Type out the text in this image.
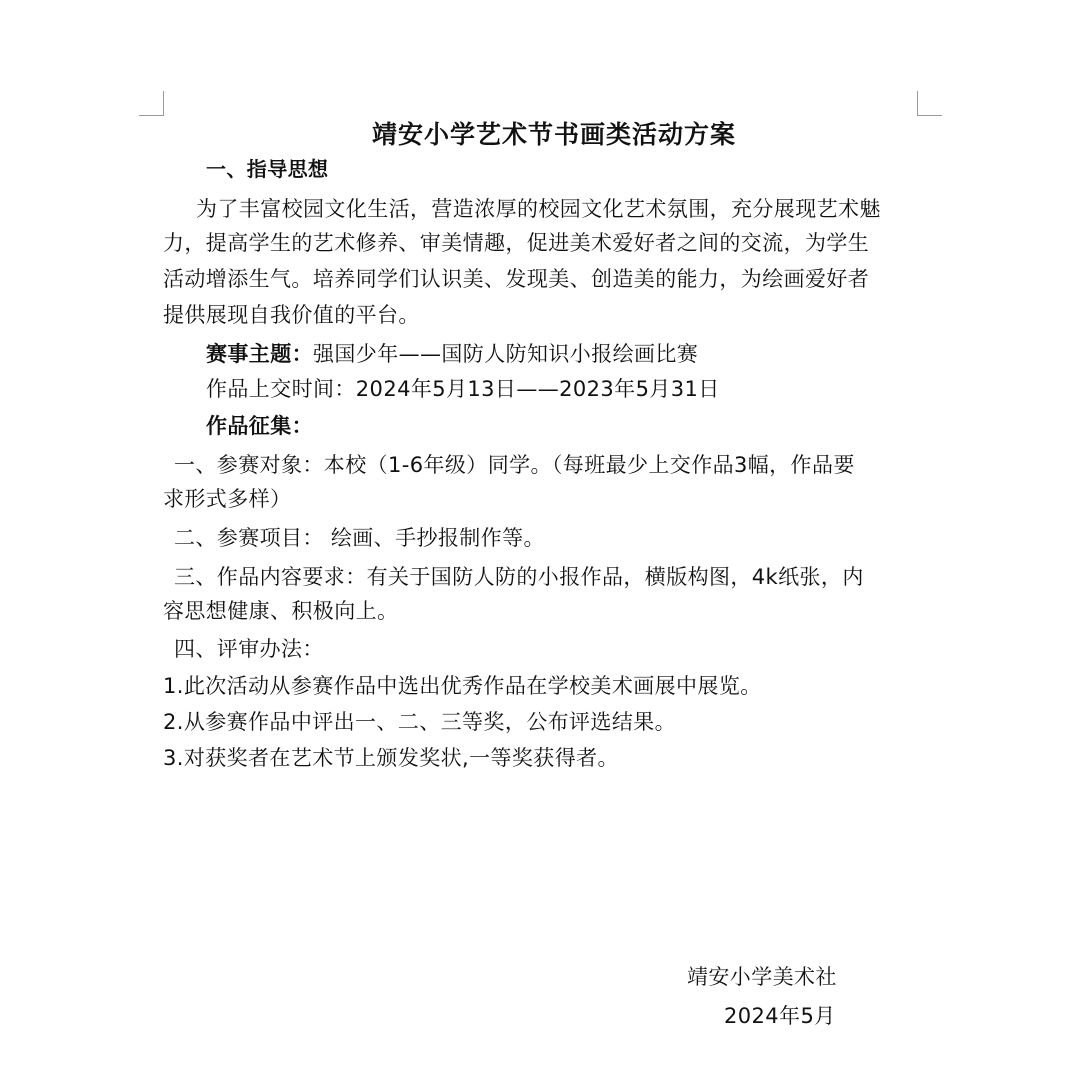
靖安小学艺术节书画类活动方案
一、指导思想
为了丰富校园文化生活，营造浓厚的校园文化艺术氛围，充分展现艺术魅
力，提高学生的艺术修养、审美情趣，促进美术爱好者之间的交流，为学生
活动增添生气。培养同学们认识美、发现美、创造美的能力，为绘画爱好者
提供展现自我价值的平台。
赛事主题：强国少年——国防人防知识小报绘画比赛
作品上交时间：2024年5月13日——2023年5月31日
作品征集：
一、参赛对象：本校（1-6年级）同学。（每班最少上交作品3幅，作品要
求形式多样）
二、参赛项目： 绘画、手抄报制作等。
三、作品内容要求：有关于国防人防的小报作品，横版构图，4k纸张，内
容思想健康、积极向上。
四、评审办法：
1.此次活动从参赛作品中选出优秀作品在学校美术画展中展览。
2.从参赛作品中评出一、二、三等奖，公布评选结果。
3.对获奖者在艺术节上颁发奖状,一等奖获得者。
靖安小学美术社
2024年5月
